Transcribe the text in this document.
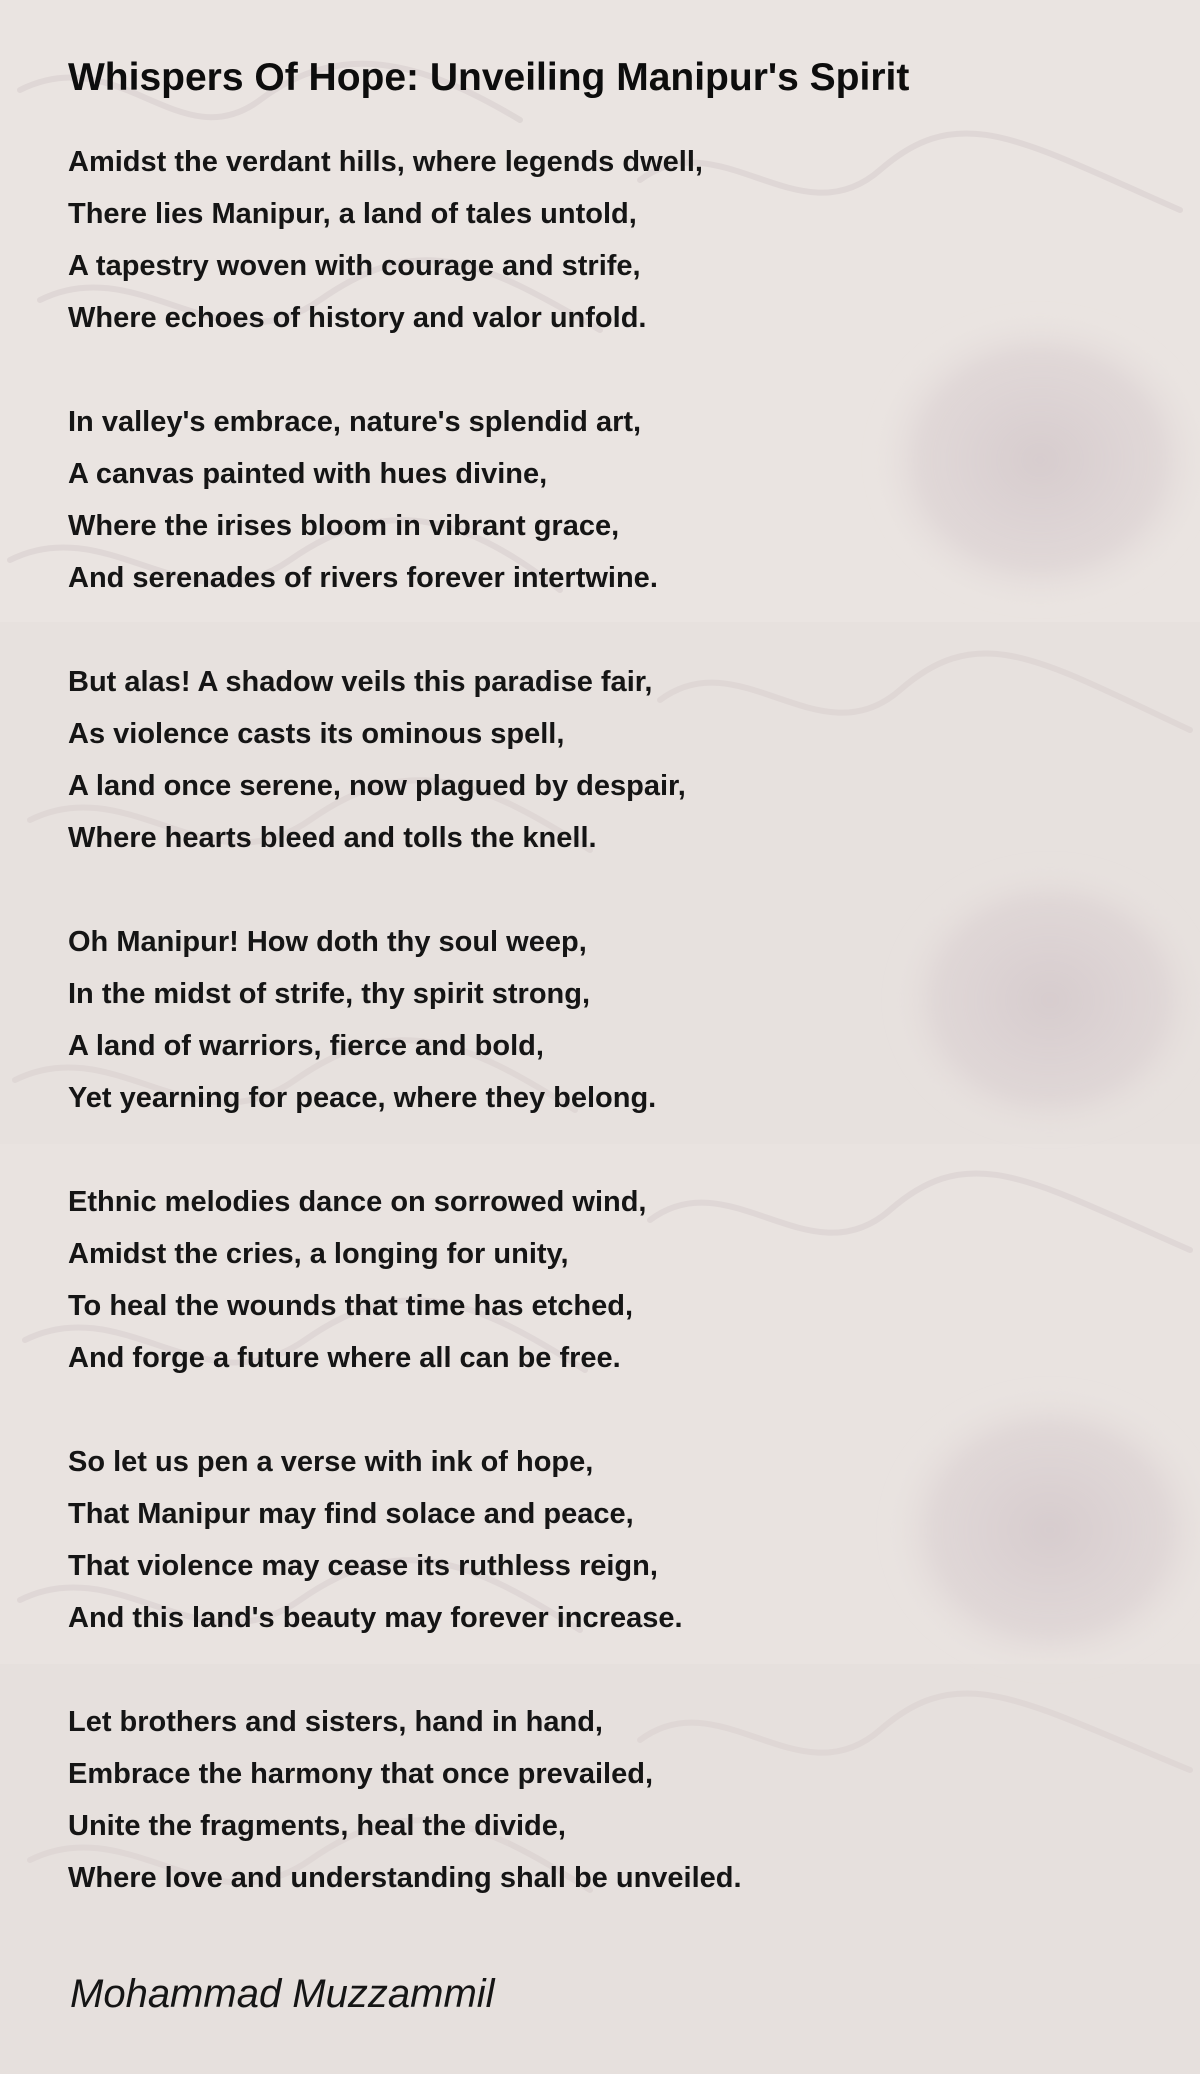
Whispers Of Hope: Unveiling Manipur's Spirit
Amidst the verdant hills, where legends dwell,
There lies Manipur, a land of tales untold,
A tapestry woven with courage and strife,
Where echoes of history and valor unfold.
In valley's embrace, nature's splendid art,
A canvas painted with hues divine,
Where the irises bloom in vibrant grace,
And serenades of rivers forever intertwine.
But alas! A shadow veils this paradise fair,
As violence casts its ominous spell,
A land once serene, now plagued by despair,
Where hearts bleed and tolls the knell.
Oh Manipur! How doth thy soul weep,
In the midst of strife, thy spirit strong,
A land of warriors, fierce and bold,
Yet yearning for peace, where they belong.
Ethnic melodies dance on sorrowed wind,
Amidst the cries, a longing for unity,
To heal the wounds that time has etched,
And forge a future where all can be free.
So let us pen a verse with ink of hope,
That Manipur may find solace and peace,
That violence may cease its ruthless reign,
And this land's beauty may forever increase.
Let brothers and sisters, hand in hand,
Embrace the harmony that once prevailed,
Unite the fragments, heal the divide,
Where love and understanding shall be unveiled.
Mohammad Muzzammil
